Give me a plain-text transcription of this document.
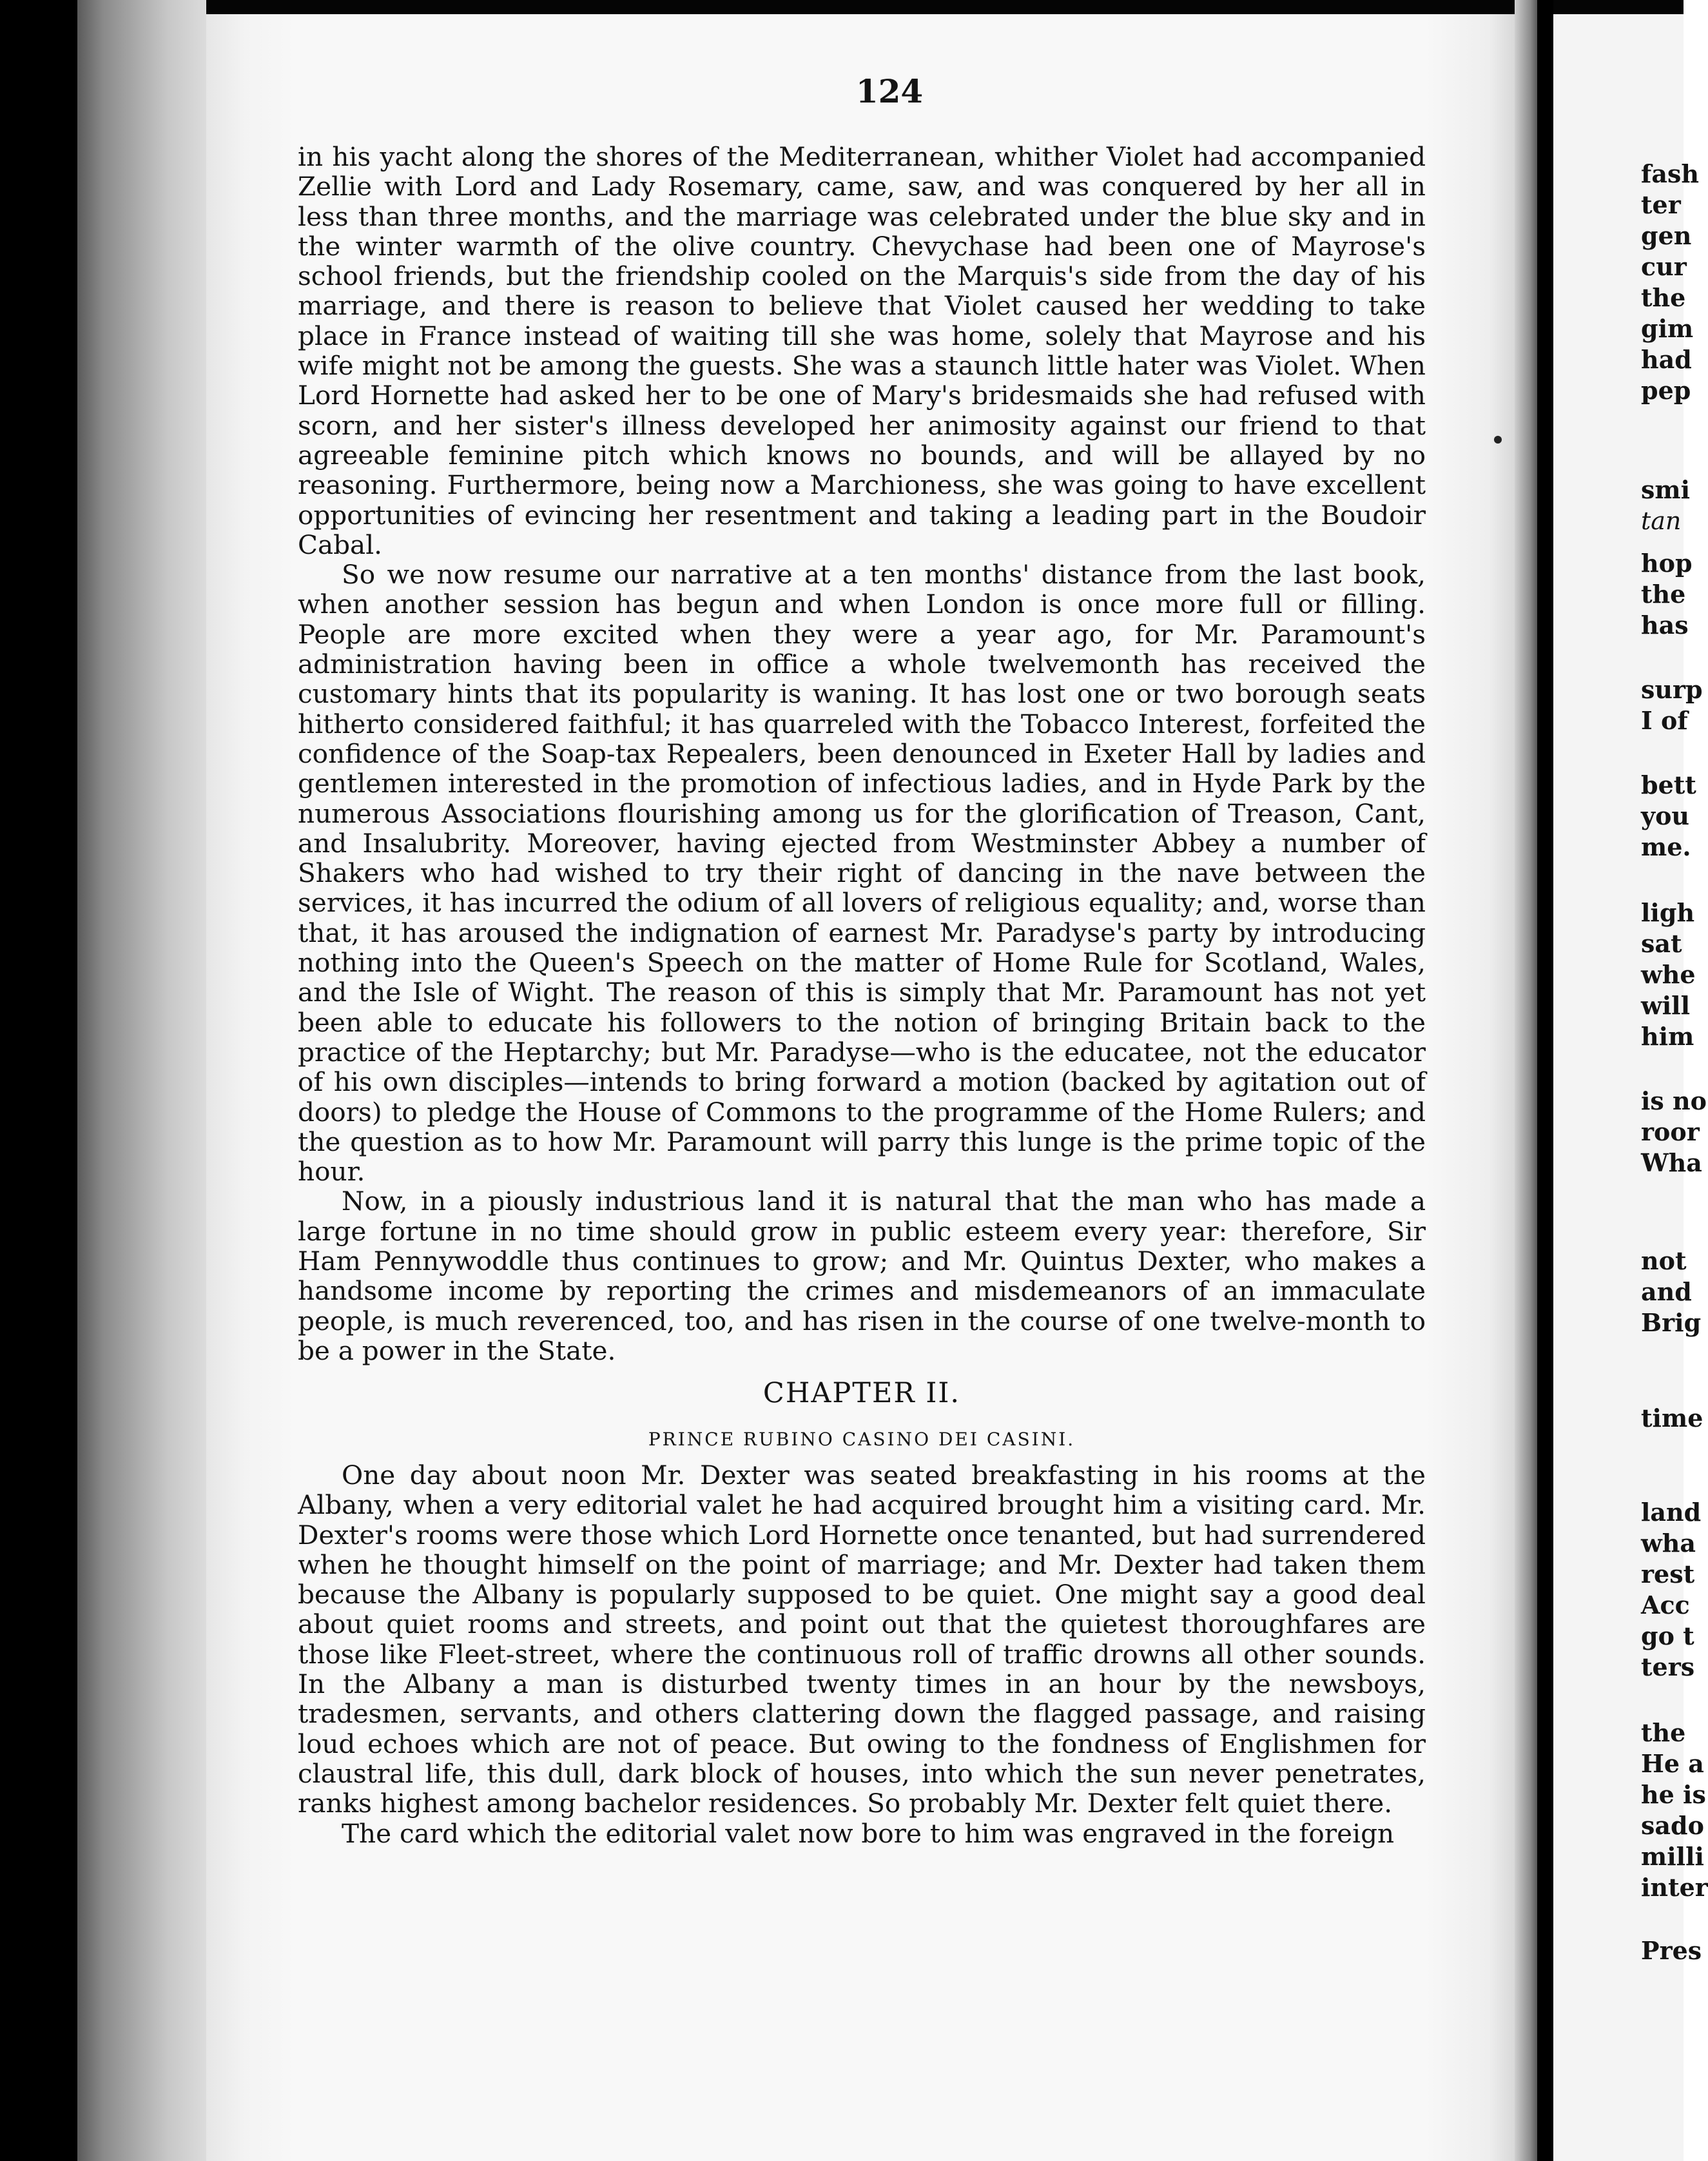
124

in his yacht along the shores of the Mediterranean, whither Violet had accompanied Zellie with Lord and Lady Rosemary, came, saw, and was conquered by her all in less than three months, and the marriage was celebrated under the blue sky and in the winter warmth of the olive country. Chevychase had been one of Mayrose's school friends, but the friendship cooled on the Marquis's side from the day of his marriage, and there is reason to believe that Violet caused her wedding to take place in France instead of waiting till she was home, solely that Mayrose and his wife might not be among the guests. She was a staunch little hater was Violet. When Lord Hornette had asked her to be one of Mary's bridesmaids she had refused with scorn, and her sister's illness developed her animosity against our friend to that agreeable feminine pitch which knows no bounds, and will be allayed by no reasoning. Furthermore, being now a Marchioness, she was going to have excellent opportunities of evincing her resentment and taking a leading part in the Boudoir Cabal.

So we now resume our narrative at a ten months' distance from the last book, when another session has begun and when London is once more full or filling. People are more excited when they were a year ago, for Mr. Paramount's administration having been in office a whole twelvemonth has received the customary hints that its popularity is waning. It has lost one or two borough seats hitherto considered faithful; it has quarreled with the Tobacco Interest, forfeited the confidence of the Soap-tax Repealers, been denounced in Exeter Hall by ladies and gentlemen interested in the promotion of infectious ladies, and in Hyde Park by the numerous Associations flourishing among us for the glorification of Treason, Cant, and Insalubrity. Moreover, having ejected from Westminster Abbey a number of Shakers who had wished to try their right of dancing in the nave between the services, it has incurred the odium of all lovers of religious equality; and, worse than that, it has aroused the indignation of earnest Mr. Paradyse's party by introducing nothing into the Queen's Speech on the matter of Home Rule for Scotland, Wales, and the Isle of Wight. The reason of this is simply that Mr. Paramount has not yet been able to educate his followers to the notion of bringing Britain back to the practice of the Heptarchy; but Mr. Paradyse—who is the educatee, not the educator of his own disciples—intends to bring forward a motion (backed by agitation out of doors) to pledge the House of Commons to the programme of the Home Rulers; and the question as to how Mr. Paramount will parry this lunge is the prime topic of the hour.

Now, in a piously industrious land it is natural that the man who has made a large fortune in no time should grow in public esteem every year: therefore, Sir Ham Pennywoddle thus continues to grow; and Mr. Quintus Dexter, who makes a handsome income by reporting the crimes and misdemeanors of an immaculate people, is much reverenced, too, and has risen in the course of one twelve-month to be a power in the State.

CHAPTER II.
PRINCE RUBINO CASINO DEI CASINI.

One day about noon Mr. Dexter was seated breakfasting in his rooms at the Albany, when a very editorial valet he had acquired brought him a visiting card. Mr. Dexter's rooms were those which Lord Hornette once tenanted, but had surrendered when he thought himself on the point of marriage; and Mr. Dexter had taken them because the Albany is popularly supposed to be quiet. One might say a good deal about quiet rooms and streets, and point out that the quietest thoroughfares are those like Fleet-street, where the continuous roll of traffic drowns all other sounds. In the Albany a man is disturbed twenty times in an hour by the newsboys, tradesmen, servants, and others clattering down the flagged passage, and raising loud echoes which are not of peace. But owing to the fondness of Englishmen for claustral life, this dull, dark block of houses, into which the sun never penetrates, ranks highest among bachelor residences. So probably Mr. Dexter felt quiet there.

The card which the editorial valet now bore to him was engraved in the foreign

fash
ter
gen
cur
the
gim
had
pep
smi
tan
hop
the
has
surp
I of
bett
you
me.
ligh
sat
whe
will
him
is no
roor
Wha
not
and
Brig
time
land
wha
rest
Acc
go t
ters
the
He a
he is
sado
milli
inter
Pres
